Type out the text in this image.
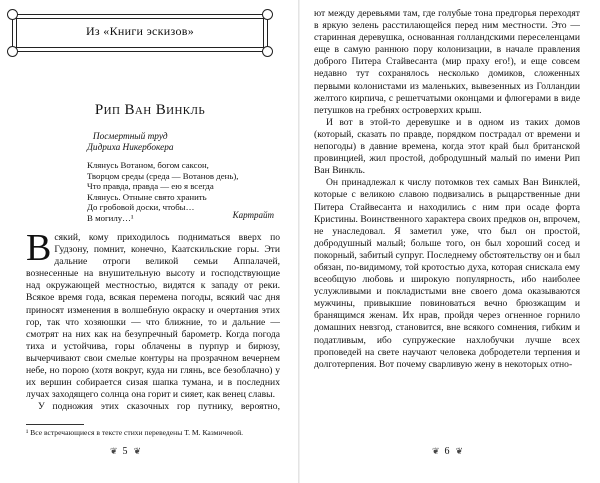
Из «Книги эскизов»
Рип Ван Винкль
Посмертный труд
Дидриха Никербокера
Клянусь Вотаном, богом саксон,
Творцом среды (среда — Вотанов день),
Что правда, правда — ею я всегда
Клянусь. Отныне свято хранить
До гробовой доски, чтобы…
В могилу…¹	Картрайт

Всякий, кому приходилось подниматься вверх по Гудзону, помнит, конечно, Каатскильские горы. Эти дальние отроги великой семьи Аппалачей, вознесенные на внушительную высоту и господствующие над окружающей местностью, видятся к западу от реки. Всякое время года, всякая перемена погоды, всякий час дня приносят изменения в волшебную окраску и очертания этих гор, так что хозяюшки — что ближние, то и дальние — смотрят на них как на безупречный барометр. Когда погода тиха и устойчива, горы облачены в пурпур и бирюзу, вычерчивают свои смелые контуры на прозрачном вечернем небе, но порою (хотя вокруг, куда ни глянь, все безоблачно) у их вершин собирается сизая шапка тумана, и в последних лучах заходящего солнца она горит и сияет, как венец славы.

У подножия этих сказочных гор путнику, вероятно,

¹ Все встречающиеся в тексте стихи переведены Т. М. Казмичевой.
❦ 5 ❦

ют между деревьями там, где голубые тона предгорья переходят в яркую зелень расстилающейся перед ним местности. Это — старинная деревушка, основанная голландскими переселенцами еще в самую раннюю пору колонизации, в начале правления доброго Питера Стайвесанта (мир праху его!), и еще совсем недавно тут сохранялось несколько домиков, сложенных первыми колонистами из маленьких, вывезенных из Голландии желтого кирпича, с решетчатыми оконцами и флюгерами в виде петушков на гребнях островерхих крыш.

И вот в этой-то деревушке и в одном из таких домов (который, сказать по правде, порядком пострадал от времени и непогоды) в давние времена, когда этот край был британской провинцией, жил простой, добродушный малый по имени Рип Ван Винкль.

Он принадлежал к числу потомков тех самых Ван Винклей, которые с великою славою подвизались в рыцарственные дни Питера Стайвесанта и находились с ним при осаде форта Кристины. Воинственного характера своих предков он, впрочем, не унаследовал. Я заметил уже, что был он простой, добродушный малый; больше того, он был хороший сосед и покорный, забитый супруг. Последнему обстоятельству он и был обязан, по-видимому, той кротостью духа, которая снискала ему всеобщую любовь и широкую популярность, ибо наиболее услужливыми и покладистыми вне своего дома оказываются мужчины, привыкшие повиноваться вечно брюзжащим и бранящимся женам. Их нрав, пройдя через огненное горнило домашних невзгод, становится, вне всякого сомнения, гибким и податливым, ибо супружеские нахлобучки лучше всех проповедей на свете научают человека добродетели терпения и долготерпения. Вот почему сварливую жену в некоторых отно-

❦ 6 ❦
